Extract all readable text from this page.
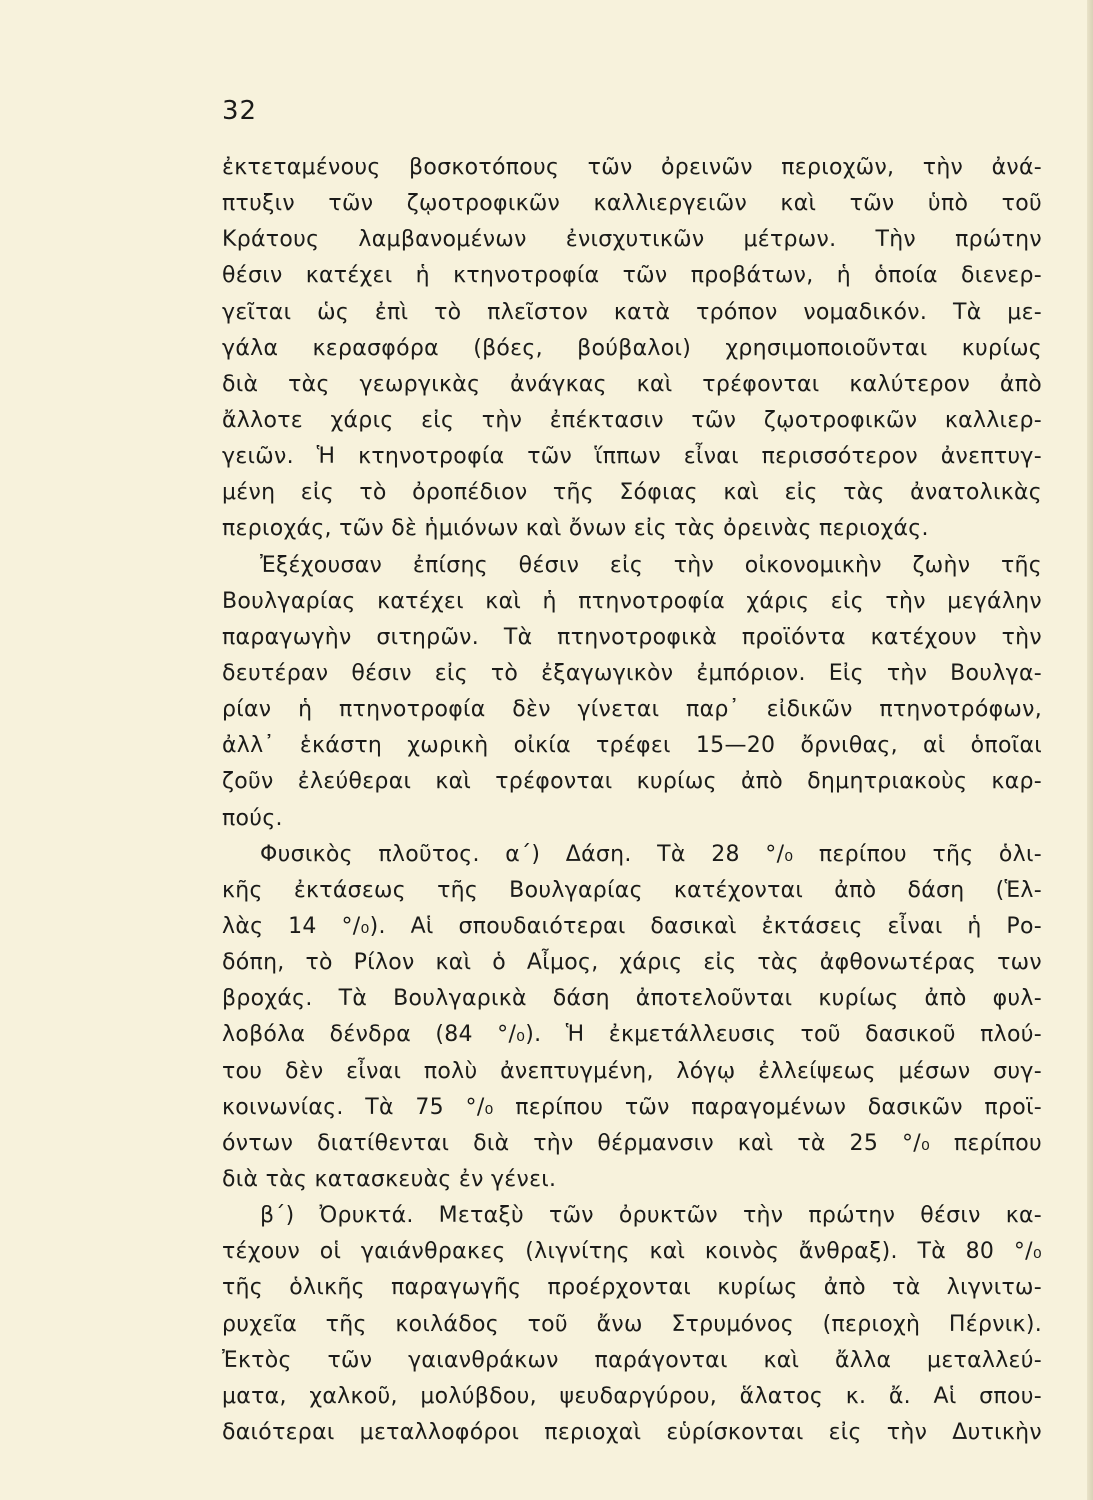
32
ἐκτεταμένους βοσκοτόπους τῶν ὀρεινῶν περιοχῶν, τὴν ἀνά-
πτυξιν τῶν ζῳοτροφικῶν καλλιεργειῶν καὶ τῶν ὑπὸ τοῦ
Κράτους λαμβανομένων ἐνισχυτικῶν μέτρων. Τὴν πρώτην
θέσιν κατέχει ἡ κτηνοτροφία τῶν προβάτων, ἡ ὁποία διενερ-
γεῖται ὡς ἐπὶ τὸ πλεῖστον κατὰ τρόπον νομαδικόν. Τὰ με-
γάλα κερασφόρα (βόες, βούβαλοι) χρησιμοποιοῦνται κυρίως
διὰ τὰς γεωργικὰς ἀνάγκας καὶ τρέφονται καλύτερον ἀπὸ
ἄλλοτε χάρις εἰς τὴν ἐπέκτασιν τῶν ζῳοτροφικῶν καλλιερ-
γειῶν. Ἡ κτηνοτροφία τῶν ἵππων εἶναι περισσότερον ἀνεπτυγ-
μένη εἰς τὸ ὀροπέδιον τῆς Σόφιας καὶ εἰς τὰς ἀνατολικὰς
περιοχάς, τῶν δὲ ἡμιόνων καὶ ὄνων εἰς τὰς ὀρεινὰς περιοχάς.
Ἐξέχουσαν ἐπίσης θέσιν εἰς τὴν οἰκονομικὴν ζωὴν τῆς
Βουλγαρίας κατέχει καὶ ἡ πτηνοτροφία χάρις εἰς τὴν μεγάλην
παραγωγὴν σιτηρῶν. Τὰ πτηνοτροφικὰ προϊόντα κατέχουν τὴν
δευτέραν θέσιν εἰς τὸ ἐξαγωγικὸν ἐμπόριον. Εἰς τὴν Βουλγα-
ρίαν ἡ πτηνοτροφία δὲν γίνεται παρ᾽ εἰδικῶν πτηνοτρόφων,
ἀλλ᾽ ἑκάστη χωρικὴ οἰκία τρέφει 15—20 ὄρνιθας, αἱ ὁποῖαι
ζοῦν ἐλεύθεραι καὶ τρέφονται κυρίως ἀπὸ δημητριακοὺς καρ-
πούς.
Φυσικὸς πλοῦτος. α´) Δάση. Τὰ 28 °/₀ περίπου τῆς ὁλι-
κῆς ἐκτάσεως τῆς Βουλγαρίας κατέχονται ἀπὸ δάση (Ἑλ-
λὰς 14 °/₀). Αἱ σπουδαιότεραι δασικαὶ ἐκτάσεις εἶναι ἡ Ρο-
δόπη, τὸ Ρίλον καὶ ὁ Αἶμος, χάρις εἰς τὰς ἀφθονωτέρας των
βροχάς. Τὰ Βουλγαρικὰ δάση ἀποτελοῦνται κυρίως ἀπὸ φυλ-
λοβόλα δένδρα (84 °/₀). Ἡ ἐκμετάλλευσις τοῦ δασικοῦ πλού-
του δὲν εἶναι πολὺ ἀνεπτυγμένη, λόγῳ ἐλλείψεως μέσων συγ-
κοινωνίας. Τὰ 75 °/₀ περίπου τῶν παραγομένων δασικῶν προϊ-
όντων διατίθενται διὰ τὴν θέρμανσιν καὶ τὰ 25 °/₀ περίπου
διὰ τὰς κατασκευὰς ἐν γένει.
β´) Ὀρυκτά. Μεταξὺ τῶν ὀρυκτῶν τὴν πρώτην θέσιν κα-
τέχουν οἱ γαιάνθρακες (λιγνίτης καὶ κοινὸς ἄνθραξ). Τὰ 80 °/₀
τῆς ὁλικῆς παραγωγῆς προέρχονται κυρίως ἀπὸ τὰ λιγνιτω-
ρυχεῖα τῆς κοιλάδος τοῦ ἄνω Στρυμόνος (περιοχὴ Πέρνικ).
Ἐκτὸς τῶν γαιανθράκων παράγονται καὶ ἄλλα μεταλλεύ-
ματα, χαλκοῦ, μολύβδου, ψευδαργύρου, ἅλατος κ. ἄ. Αἱ σπου-
δαιότεραι μεταλλοφόροι περιοχαὶ εὑρίσκονται εἰς τὴν Δυτικὴν
